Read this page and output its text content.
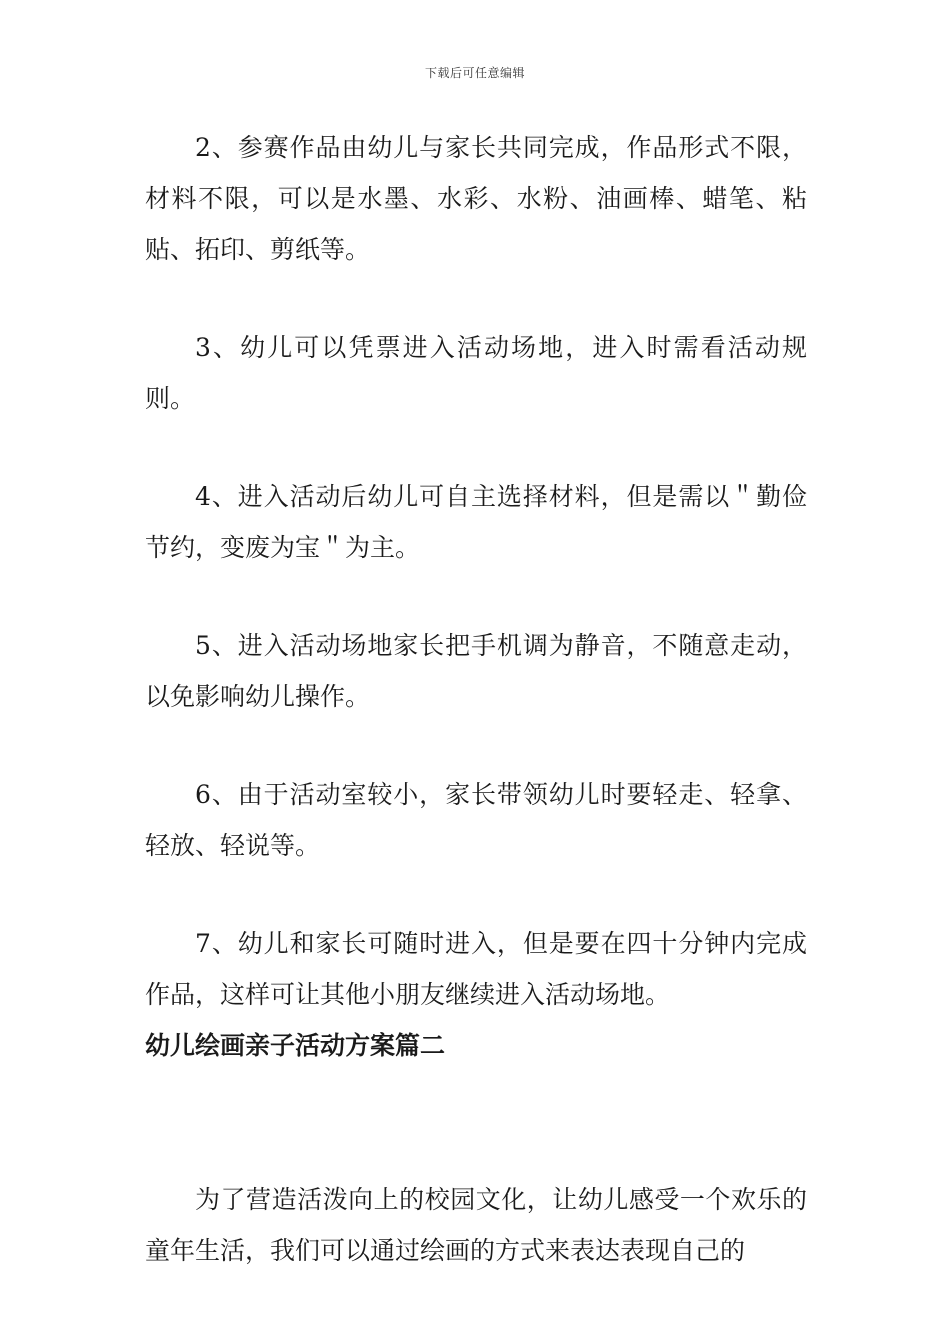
下载后可任意编辑

2、参赛作品由幼儿与家长共同完成，作品形式不限，材料不限，可以是水墨、水彩、水粉、油画棒、蜡笔、粘贴、拓印、剪纸等。

3、幼儿可以凭票进入活动场地，进入时需看活动规则。

4、进入活动后幼儿可自主选择材料，但是需以＂勤俭节约，变废为宝＂为主。

5、进入活动场地家长把手机调为静音，不随意走动，以免影响幼儿操作。

6、由于活动室较小，家长带领幼儿时要轻走、轻拿、轻放、轻说等。

7、幼儿和家长可随时进入，但是要在四十分钟内完成作品，这样可让其他小朋友继续进入活动场地。

幼儿绘画亲子活动方案篇二

为了营造活泼向上的校园文化，让幼儿感受一个欢乐的童年生活，我们可以通过绘画的方式来表达表现自己的
